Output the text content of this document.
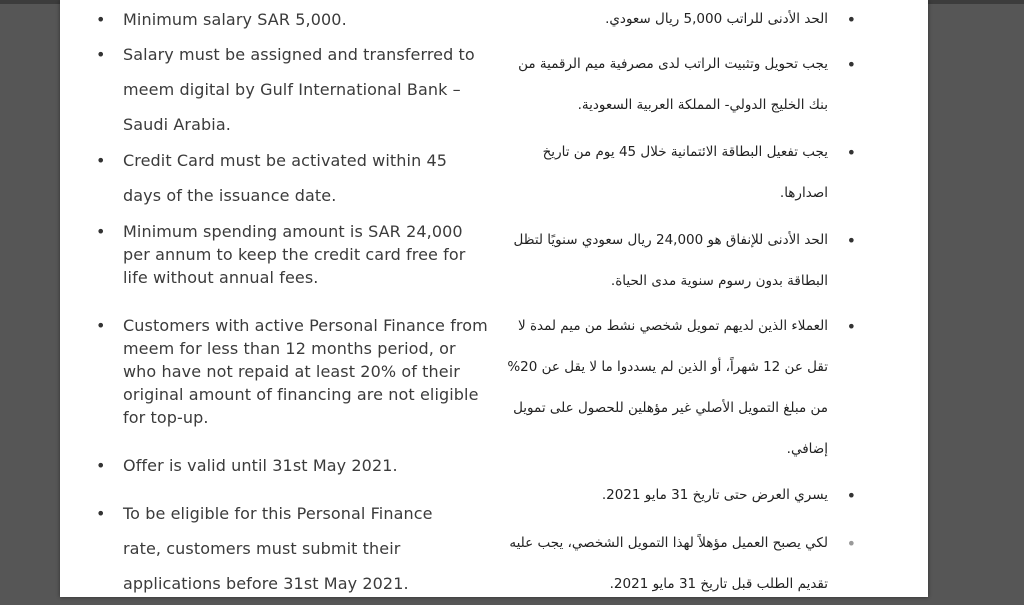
• Minimum salary SAR 5,000.
• Salary must be assigned and transferred to meem digital by Gulf International Bank – Saudi Arabia.
• Credit Card must be activated within 45 days of the issuance date.
• Minimum spending amount is SAR 24,000 per annum to keep the credit card free for life without annual fees.
• Customers with active Personal Finance from meem for less than 12 months period, or who have not repaid at least 20% of their original amount of financing are not eligible for top-up.
• Offer is valid until 31st May 2021.
• To be eligible for this Personal Finance rate, customers must submit their applications before 31st May 2021.
•
الحد الأدنى للراتب 5,000 ريال سعودي.
•
يجب تحويل وتثبيت الراتب لدى مصرفية ميم الرقمية من بنك الخليج الدولي- المملكة العربية السعودية.
•
يجب تفعيل البطاقة الائتمانية خلال 45 يوم من تاريخ اصدارها.
•
الحد الأدنى للإنفاق هو 24,000 ريال سعودي سنويًا لتظل البطاقة بدون رسوم سنوية مدى الحياة.
•
العملاء الذين لديهم تمويل شخصي نشط من ميم لمدة لا تقل عن 12 شهراً، أو الذين لم يسددوا ما لا يقل عن 20% من مبلغ التمويل الأصلي غير مؤهلين للحصول على تمويل إضافي.
•
يسري العرض حتى تاريخ 31 مايو 2021.
•
لكي يصبح العميل مؤهلاً لهذا التمويل الشخصي، يجب عليه تقديم الطلب قبل تاريخ 31 مايو 2021.
